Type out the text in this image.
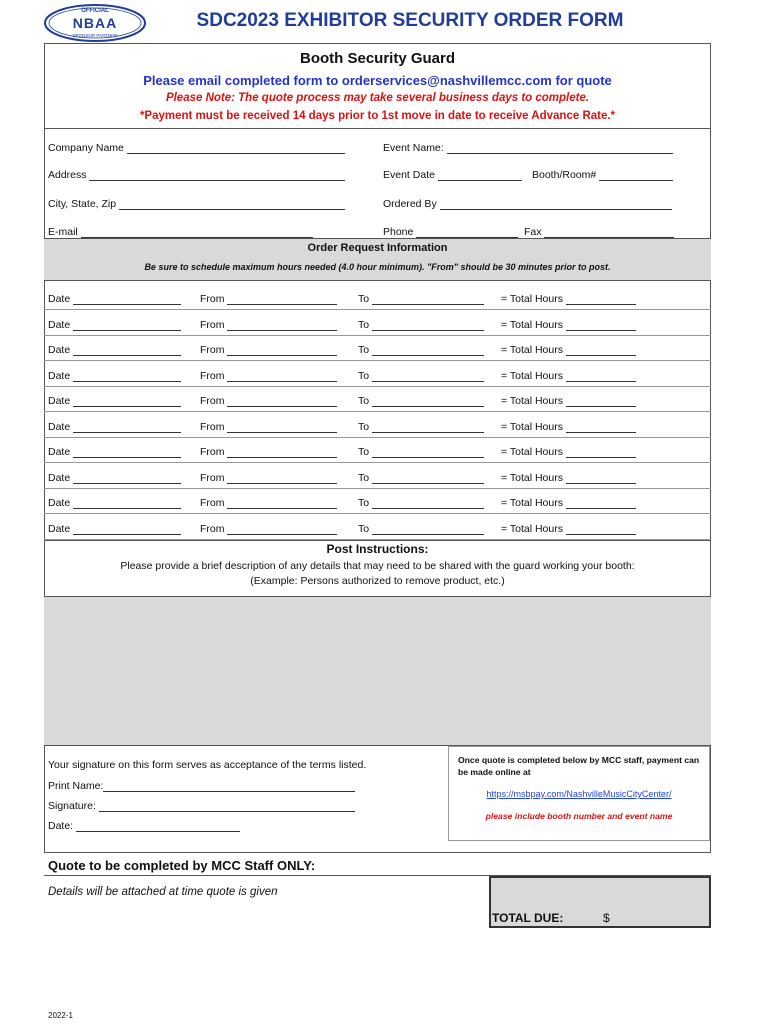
OFFICIAL
NBAA
SPONSOR PARTNER
SDC2023 EXHIBITOR SECURITY ORDER FORM
Booth Security Guard
Please email completed form to orderservices@nashvillemcc.com for quote
Please Note: The quote process may take several business days to complete.
*Payment must be received 14 days prior to 1st move in date to receive Advance Rate.*
Company Name	Event Name:
Address	Event Date	Booth/Room#
City, State, Zip	Ordered By
E-mail	Phone	Fax
Order Request Information
Be sure to schedule maximum hours needed (4.0 hour minimum). "From" should be 30 minutes prior to post.
Date	From	To	= Total Hours
Date	From	To	= Total Hours
Date	From	To	= Total Hours
Date	From	To	= Total Hours
Date	From	To	= Total Hours
Date	From	To	= Total Hours
Date	From	To	= Total Hours
Date	From	To	= Total Hours
Date	From	To	= Total Hours
Date	From	To	= Total Hours
Post Instructions:
Please provide a brief description of any details that may need to be shared with the guard working your booth:
(Example: Persons authorized to remove product, etc.)
Your signature on this form serves as acceptance of the terms listed.
Print Name:
Signature:
Date:
Once quote is completed below by MCC staff, payment can be made online at
https://msbpay.com/NashvilleMusicCityCenter/
please include booth number and event name
Quote to be completed by MCC Staff ONLY:
Details will be attached at time quote is given
TOTAL DUE:	$
2022-1
